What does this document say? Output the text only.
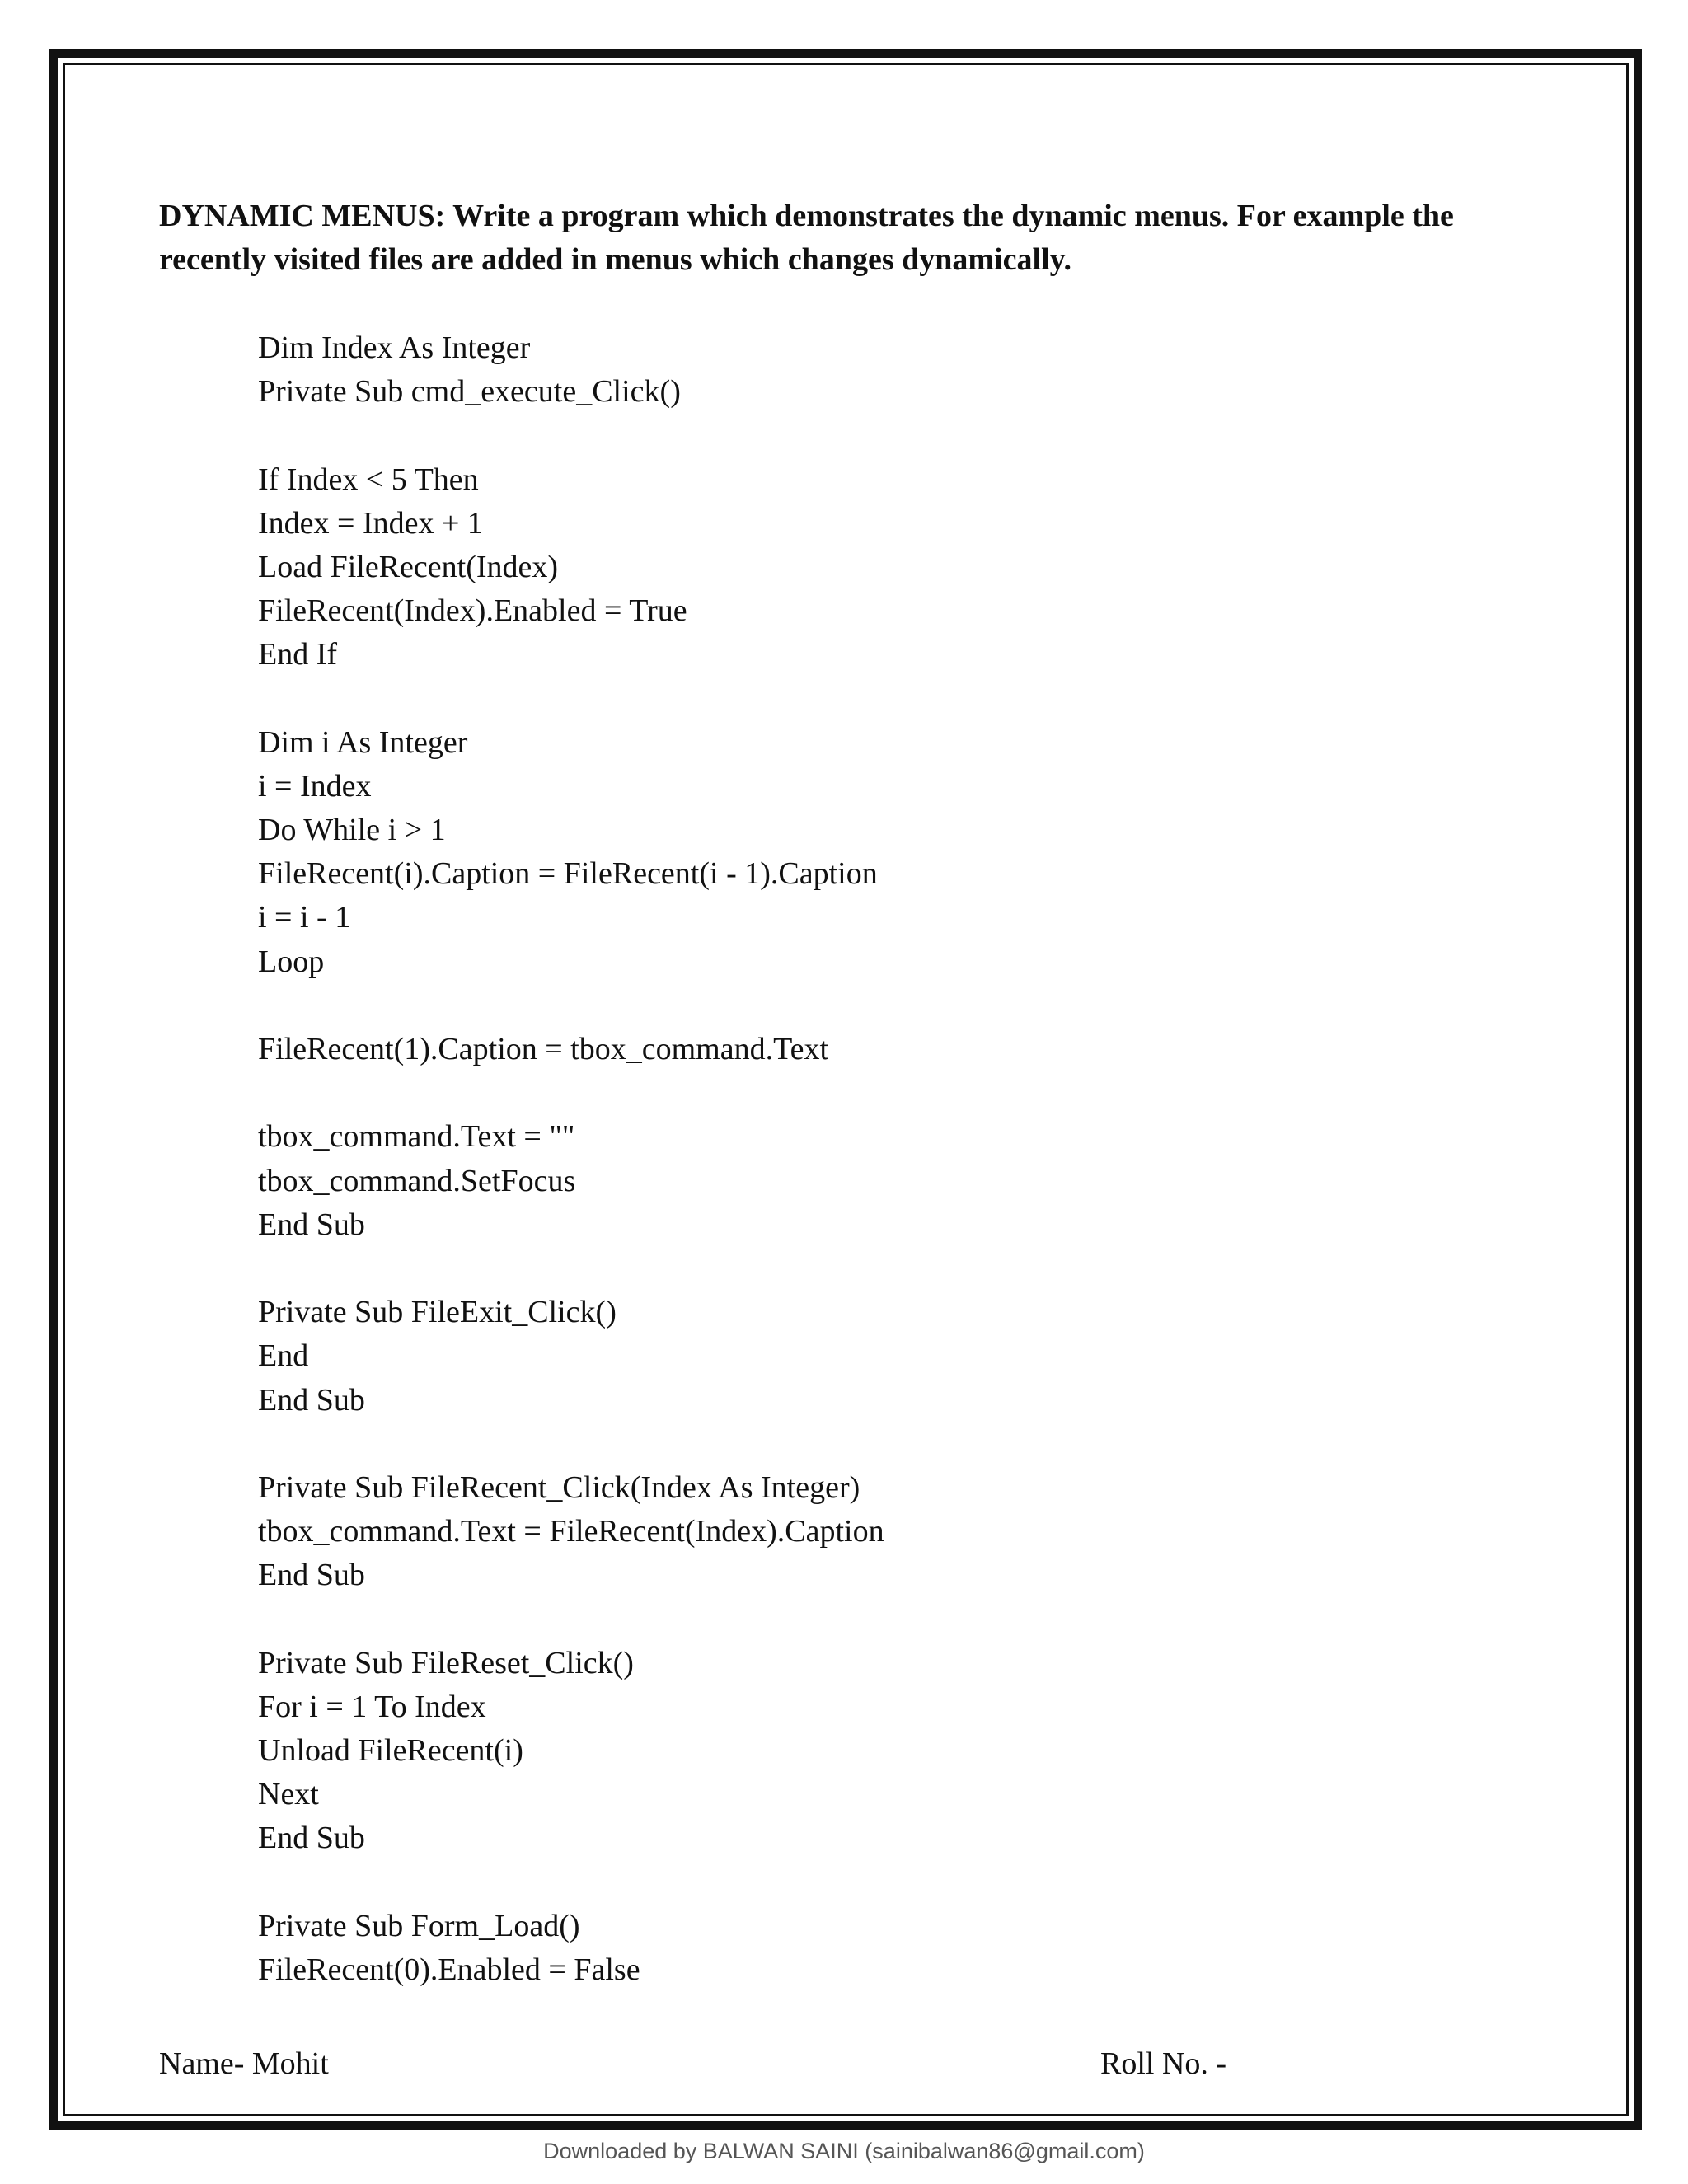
DYNAMIC MENUS: Write a program which demonstrates the dynamic menus. For example the recently visited files are added in menus which changes dynamically.

Dim Index As Integer
Private Sub cmd_execute_Click()
If Index < 5 Then
Index = Index + 1
Load FileRecent(Index)
FileRecent(Index).Enabled = True
End If
Dim i As Integer
i = Index
Do While i > 1
FileRecent(i).Caption = FileRecent(i - 1).Caption
i = i - 1
Loop
FileRecent(1).Caption = tbox_command.Text
tbox_command.Text = ""
tbox_command.SetFocus
End Sub
Private Sub FileExit_Click()
End
End Sub
Private Sub FileRecent_Click(Index As Integer)
tbox_command.Text = FileRecent(Index).Caption
End Sub
Private Sub FileReset_Click()
For i = 1 To Index
Unload FileRecent(i)
Next
End Sub
Private Sub Form_Load()
FileRecent(0).Enabled = False
Name- Mohit	Roll No. -
Downloaded by BALWAN SAINI (sainibalwan86@gmail.com)
